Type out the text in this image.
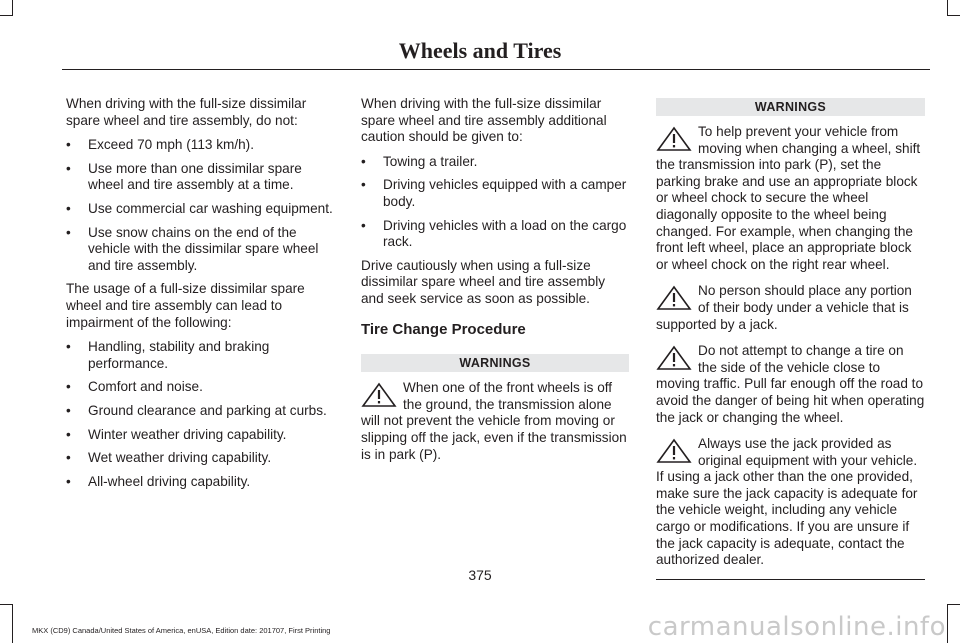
Wheels and Tires

When driving with the full-size dissimilar spare wheel and tire assembly, do not:

• Exceed 70 mph (113 km/h).
• Use more than one dissimilar spare wheel and tire assembly at a time.
• Use commercial car washing equipment.
• Use snow chains on the end of the vehicle with the dissimilar spare wheel and tire assembly.

The usage of a full-size dissimilar spare wheel and tire assembly can lead to impairment of the following:

• Handling, stability and braking performance.
• Comfort and noise.
• Ground clearance and parking at curbs.
• Winter weather driving capability.
• Wet weather driving capability.
• All-wheel driving capability.

When driving with the full-size dissimilar spare wheel and tire assembly additional caution should be given to:

• Towing a trailer.
• Driving vehicles equipped with a camper body.
• Driving vehicles with a load on the cargo rack.

Drive cautiously when using a full-size dissimilar spare wheel and tire assembly and seek service as soon as possible.

Tire Change Procedure
WARNINGS
When one of the front wheels is off the ground, the transmission alone will not prevent the vehicle from moving or slipping off the jack, even if the transmission is in park (P).
WARNINGS
To help prevent your vehicle from moving when changing a wheel, shift the transmission into park (P), set the parking brake and use an appropriate block or wheel chock to secure the wheel diagonally opposite to the wheel being changed. For example, when changing the front left wheel, place an appropriate block or wheel chock on the right rear wheel.
No person should place any portion of their body under a vehicle that is supported by a jack.
Do not attempt to change a tire on the side of the vehicle close to moving traffic. Pull far enough off the road to avoid the danger of being hit when operating the jack or changing the wheel.
Always use the jack provided as original equipment with your vehicle. If using a jack other than the one provided, make sure the jack capacity is adequate for the vehicle weight, including any vehicle cargo or modifications. If you are unsure if the jack capacity is adequate, contact the authorized dealer.
375
MKX (CD9) Canada/United States of America, enUSA, Edition date: 201707, First Printing	carmanualsonline.info
